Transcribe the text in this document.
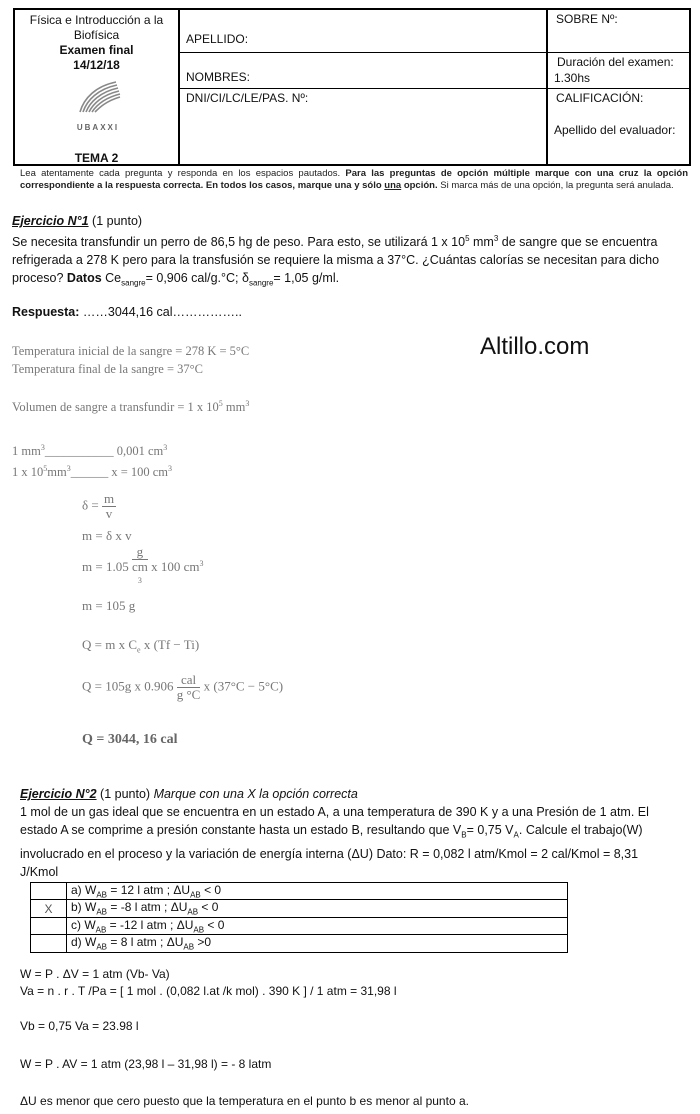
Física e Introducción a la
Biofísica
Examen final
14/12/18
UBAXXI
TEMA 2
APELLIDO:
NOMBRES:
DNI/CI/LC/LE/PAS. Nº:
SOBRE Nº:
Duración del examen:
1.30hs
CALIFICACIÓN:
Apellido del evaluador:
Lea atentamente cada pregunta y responda en los espacios pautados. Para las preguntas de opción múltiple marque con una cruz la opción correspondiente a la respuesta correcta. En todos los casos, marque una y sólo una opción. Si marca más de una opción, la pregunta será anulada.
Ejercicio N°1 (1 punto)
Se necesita transfundir un perro de 86,5 hg de peso. Para esto, se utilizará 1 x $10^5$ $mm^3$ de sangre que se encuentra
refrigerada a 278 K pero para la transfusión se requiere la misma a 37°C. ¿Cuántas calorías se necesitan para dicho
proceso? Datos $Ce_{sangre}= 0,906$ cal/g.°C; $\delta_{sangre}= 1,05$ g/ml.
Respuesta: ……3044,16 cal……………..
Altillo.com
Temperatura inicial de la sangre = 278 K = 5°C
Temperatura final de la sangre = 37°C
Volumen de sangre a transfundir = 1 x $10^5$ $mm^3$
1 $mm^3\_\_\_\_\_\_\_\_\_\_\_$ 0,001 $cm^3$
1 x $10^5mm^3\_\_\_\_\_\_$ x = 100 $cm^3$
$\delta = \frac{m}{v}$
m = δ x v
m = 1.05 g
cm
$^3$ x 100 $cm^3$
m = 105 g
Q = m x $C_e$ x (Tf − Ti)
Q = 105g x $0.906 \frac{\text{cal}}{g ^\circ C}$ x (37°C − 5°C)
Q = 3044, 16 cal
Ejercicio N°2 (1 punto) Marque con una X la opción correcta
1 mol de un gas ideal que se encuentra en un estado A, a una temperatura de 390 K y a una Presión de 1 atm. El
estado A se comprime a presión constante hasta un estado B, resultando que $V_B= 0,75$ $V_A$. Calcule el trabajo(W)
involucrado en el proceso y la variación de energía interna (ΔU) Dato: R = 0,082 l atm/Kmol = 2 cal/Kmol = 8,31
J/Kmol
	a) $W_{AB} = 12$ l atm ; $\Delta U_{AB} < 0$
X	b) $W_{AB} = -8$ l atm ; $\Delta U_{AB} < 0$
	c) $W_{AB} = -12$ l atm ; $\Delta U_{AB} < 0$
	d) $W_{AB} = 8$ l atm ; $\Delta U_{AB} >0$
W = P . ΔV = 1 atm (Vb- Va)
Va = n . r . T /Pa = [ 1 mol . (0,082 l.at /k mol) . 390 K ] / 1 atm = 31,98 l
Vb = 0,75 Va = 23.98 l
W = P . AV = 1 atm (23,98 l – 31,98 l) = - 8 latm
ΔU es menor que cero puesto que la temperatura en el punto b es menor al punto a.
